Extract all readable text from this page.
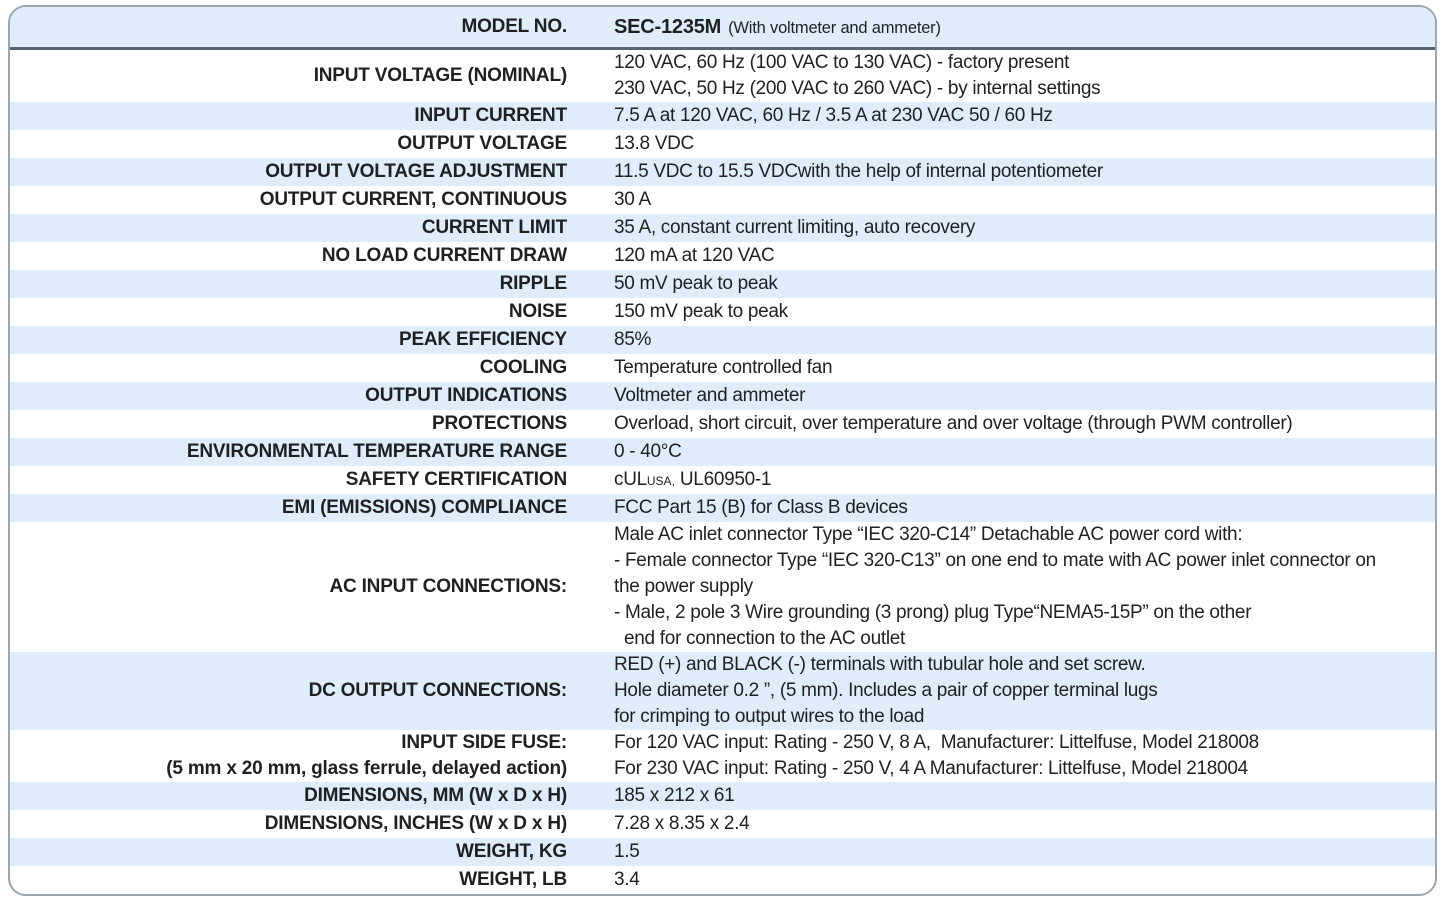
MODEL NO.	SEC-1235M (With voltmeter and ammeter)
INPUT VOLTAGE (NOMINAL)
120 VAC, 60 Hz (100 VAC to 130 VAC) - factory present
230 VAC, 50 Hz (200 VAC to 260 VAC) - by internal settings
INPUT CURRENT 7.5 A at 120 VAC, 60 Hz / 3.5 A at 230 VAC 50 / 60 Hz
OUTPUT VOLTAGE 13.8 VDC
OUTPUT VOLTAGE ADJUSTMENT 11.5 VDC to 15.5 VDCwith the help of internal potentiometer
OUTPUT CURRENT, CONTINUOUS 30 A
CURRENT LIMIT 35 A, constant current limiting, auto recovery
NO LOAD CURRENT DRAW 120 mA at 120 VAC
RIPPLE 50 mV peak to peak
NOISE 150 mV peak to peak
PEAK EFFICIENCY 85%
COOLING Temperature controlled fan
OUTPUT INDICATIONS Voltmeter and ammeter
PROTECTIONS Overload, short circuit, over temperature and over voltage (through PWM controller)
ENVIRONMENTAL TEMPERATURE RANGE 0 - 40°C
SAFETY CERTIFICATION cULUSA, UL60950-1
EMI (EMISSIONS) COMPLIANCE FCC Part 15 (B) for Class B devices
AC INPUT CONNECTIONS:
Male AC inlet connector Type “IEC 320-C14” Detachable AC power cord with:
- Female connector Type “IEC 320-C13” on one end to mate with AC power inlet connector on
the power supply
- Male, 2 pole 3 Wire grounding (3 prong) plug Type“NEMA5-15P” on the other
end for connection to the AC outlet
DC OUTPUT CONNECTIONS:
RED (+) and BLACK (-) terminals with tubular hole and set screw.
Hole diameter 0.2 ”, (5 mm). Includes a pair of copper terminal lugs
for crimping to output wires to the load
INPUT SIDE FUSE:
(5 mm x 20 mm, glass ferrule, delayed action)
For 120 VAC input: Rating - 250 V, 8 A,  Manufacturer: Littelfuse, Model 218008
For 230 VAC input: Rating - 250 V, 4 A Manufacturer: Littelfuse, Model 218004
DIMENSIONS, MM (W x D x H) 185 x 212 x 61
DIMENSIONS, INCHES (W x D x H) 7.28 x 8.35 x 2.4
WEIGHT, KG 1.5
WEIGHT, LB 3.4
